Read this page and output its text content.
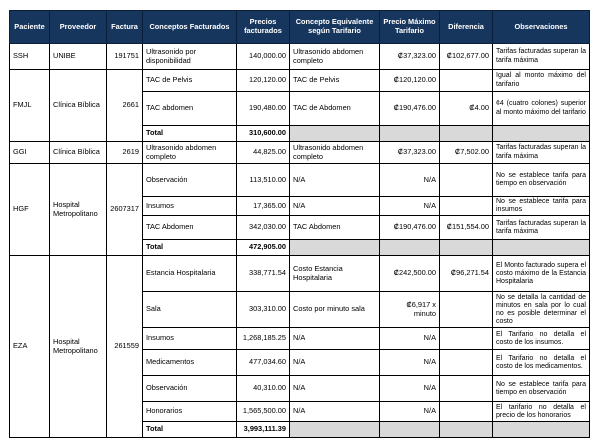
Paciente	Proveedor	Factura	Conceptos Facturados	Precios facturados	Concepto Equivalente según Tarifario	Precio Máximo Tarifario	Diferencia	Observaciones
SSH	UNIBE	191751	Ultrasonido por disponibilidad	140,000.00	Ultrasonido abdomen completo	₡37,323.00	₡102,677.00	Tarifas facturadas superan la tarifa máxima
FMJL	Clínica Bíblica	2661	TAC de Pelvis	120,120.00	TAC de Pelvis	₡120,120.00		Igual al monto máximo del tarifario
			TAC abdomen	190,480.00	TAC de Abdomen	₡190,476.00	₡4.00	¢4 (cuatro colones) superior al monto máximo del tarifario
			Total	310,600.00				
GGI	Clínica Bíblica	2619	Ultrasonido abdomen completo	44,825.00	Ultrasonido abdomen completo	₡37,323.00	₡7,502.00	Tarifas facturadas superan la tarifa máxima
HGF	Hospital Metropolitano	2607317	Observación	113,510.00	N/A	N/A		No se establece tarifa para tiempo en observación
			Insumos	17,365.00	N/A	N/A		No se establece tarifa para insumos
			TAC Abdomen	342,030.00	TAC Abdomen	₡190,476.00	₡151,554.00	Tarifas facturadas superan la tarifa máxima
			Total	472,905.00				
EZA	Hospital Metropolitano	261559	Estancia Hospitalaria	338,771.54	Costo Estancia Hospitalaria	₡242,500.00	₡96,271.54	El Monto facturado supera el costo máximo de la Estancia Hospitalaria
			Sala	303,310.00	Costo por minuto sala	₡6,917 x minuto		No se detalla la cantidad de minutos en sala por lo cual no es posible determinar el costo
			Insumos	1,268,185.25	N/A	N/A		El Tarifario no detalla el costo de los insumos.
			Medicamentos	477,034.60	N/A	N/A		El Tarifario no detalla el costo de los medicamentos.
			Observación	40,310.00	N/A	N/A		No se establece tarifa para tiempo en observación
			Honorarios	1,565,500.00	N/A	N/A		El tarifario no detalla el precio de los honorarios
			Total	3,993,111.39				
